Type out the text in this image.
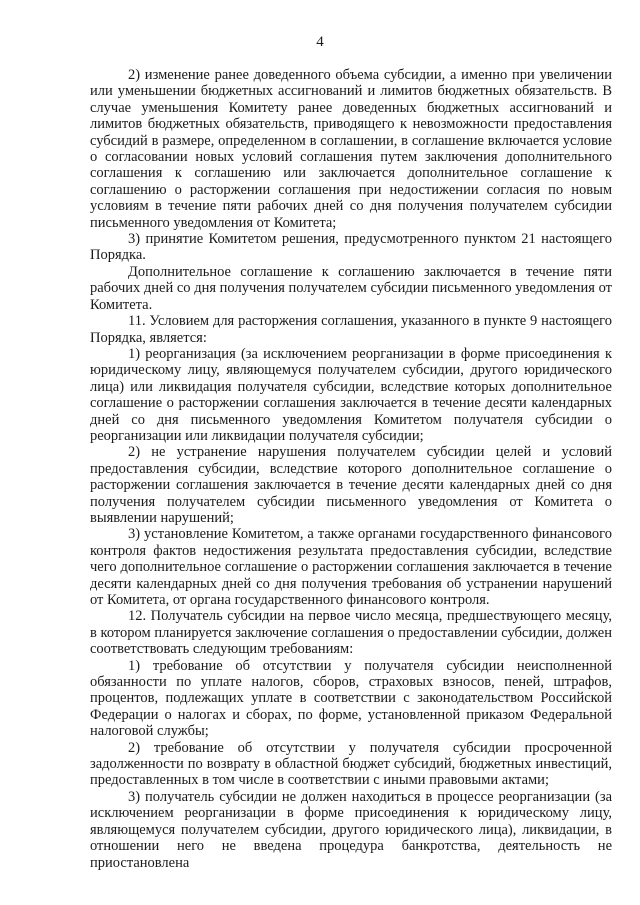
4

2) изменение ранее доведенного объема субсидии, а именно при увеличении или уменьшении бюджетных ассигнований и лимитов бюджетных обязательств. В случае уменьшения Комитету ранее доведенных бюджетных ассигнований и лимитов бюджетных обязательств, приводящего к невозможности предоставления субсидий в размере, определенном в соглашении, в соглашение включается условие о согласовании новых условий соглашения путем заключения дополнительного соглашения к соглашению или заключается дополнительное соглашение к соглашению о расторжении соглашения при недостижении согласия по новым условиям в течение пяти рабочих дней со дня получения получателем субсидии письменного уведомления от Комитета;

3) принятие Комитетом решения, предусмотренного пунктом 21 настоящего Порядка.

Дополнительное соглашение к соглашению заключается в течение пяти рабочих дней со дня получения получателем субсидии письменного уведомления от Комитета.

11. Условием для расторжения соглашения, указанного в пункте 9 настоящего Порядка, является:

1) реорганизация (за исключением реорганизации в форме присоединения к юридическому лицу, являющемуся получателем субсидии, другого юридического лица) или ликвидация получателя субсидии, вследствие которых дополнительное соглашение о расторжении соглашения заключается в течение десяти календарных дней со дня письменного уведомления Комитетом получателя субсидии о реорганизации или ликвидации получателя субсидии;

2) не устранение нарушения получателем субсидии целей и условий предоставления субсидии, вследствие которого дополнительное соглашение о расторжении соглашения заключается в течение десяти календарных дней со дня получения получателем субсидии письменного уведомления от Комитета о выявлении нарушений;

3) установление Комитетом, а также органами государственного финансового контроля фактов недостижения результата предоставления субсидии, вследствие чего дополнительное соглашение о расторжении соглашения заключается в течение десяти календарных дней со дня получения требования об устранении нарушений от Комитета, от органа государственного финансового контроля.

12. Получатель субсидии на первое число месяца, предшествующего месяцу, в котором планируется заключение соглашения о предоставлении субсидии, должен соответствовать следующим требованиям:

1) требование об отсутствии у получателя субсидии неисполненной обязанности по уплате налогов, сборов, страховых взносов, пеней, штрафов, процентов, подлежащих уплате в соответствии с законодательством Российской Федерации о налогах и сборах, по форме, установленной приказом Федеральной налоговой службы;

2) требование об отсутствии у получателя субсидии просроченной задолженности по возврату в областной бюджет субсидий, бюджетных инвестиций, предоставленных в том числе в соответствии с иными правовыми актами;

3) получатель субсидии не должен находиться в процессе реорганизации (за исключением реорганизации в форме присоединения к юридическому лицу, являющемуся получателем субсидии, другого юридического лица), ликвидации, в отношении него не введена процедура банкротства, деятельность не приостановлена
